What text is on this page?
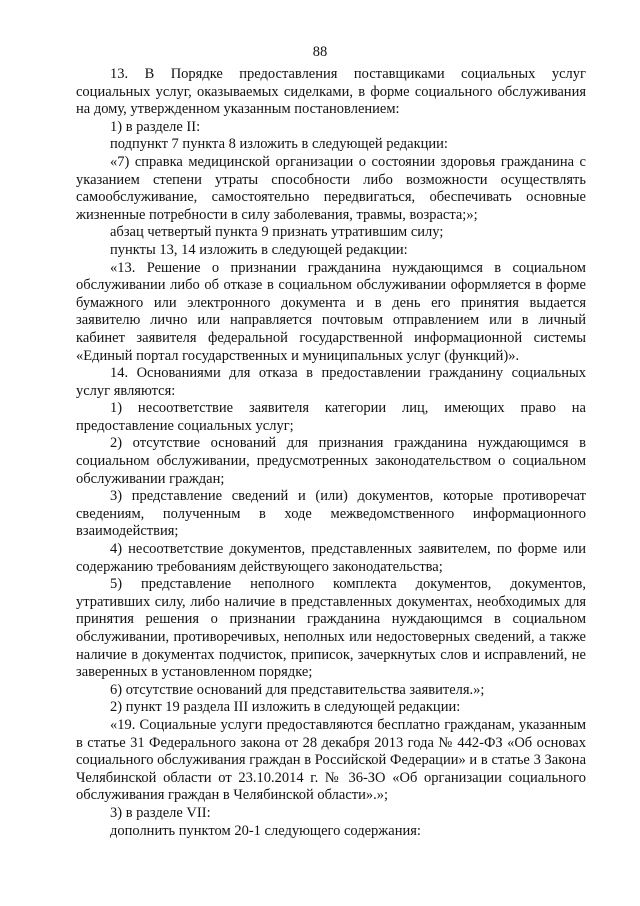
88

13. В Порядке предоставления поставщиками социальных услуг социальных услуг, оказываемых сиделками, в форме социального обслуживания на дому, утвержденном указанным постановлением:

1) в разделе II:

подпункт 7 пункта 8 изложить в следующей редакции:

«7) справка медицинской организации о состоянии здоровья гражданина с указанием степени утраты способности либо возможности осуществлять самообслуживание, самостоятельно передвигаться, обеспечивать основные жизненные потребности в силу заболевания, травмы, возраста;»;

абзац четвертый пункта 9 признать утратившим силу;

пункты 13, 14 изложить в следующей редакции:

«13. Решение о признании гражданина нуждающимся в социальном обслуживании либо об отказе в социальном обслуживании оформляется в форме бумажного или электронного документа и в день его принятия выдается заявителю лично или направляется почтовым отправлением или в личный кабинет заявителя федеральной государственной информационной системы «Единый портал государственных и муниципальных услуг (функций)».

14. Основаниями для отказа в предоставлении гражданину социальных услуг являются:

1) несоответствие заявителя категории лиц, имеющих право на предоставление социальных услуг;

2) отсутствие оснований для признания гражданина нуждающимся в социальном обслуживании, предусмотренных законодательством о социальном обслуживании граждан;

3) представление сведений и (или) документов, которые противоречат сведениям, полученным в ходе межведомственного информационного взаимодействия;

4) несоответствие документов, представленных заявителем, по форме или содержанию требованиям действующего законодательства;

5) представление неполного комплекта документов, документов, утративших силу, либо наличие в представленных документах, необходимых для принятия решения о признании гражданина нуждающимся в социальном обслуживании, противоречивых, неполных или недостоверных сведений, а также наличие в документах подчисток, приписок, зачеркнутых слов и исправлений, не заверенных в установленном порядке;

6) отсутствие оснований для представительства заявителя.»;

2) пункт 19 раздела III изложить в следующей редакции:

«19. Социальные услуги предоставляются бесплатно гражданам, указанным в статье 31 Федерального закона от 28 декабря 2013 года № 442-ФЗ «Об основах социального обслуживания граждан в Российской Федерации» и в статье 3 Закона Челябинской области от 23.10.2014 г. № 36-ЗО «Об организации социального обслуживания граждан в Челябинской области».»;

3) в разделе VII:

дополнить пунктом 20-1 следующего содержания:
